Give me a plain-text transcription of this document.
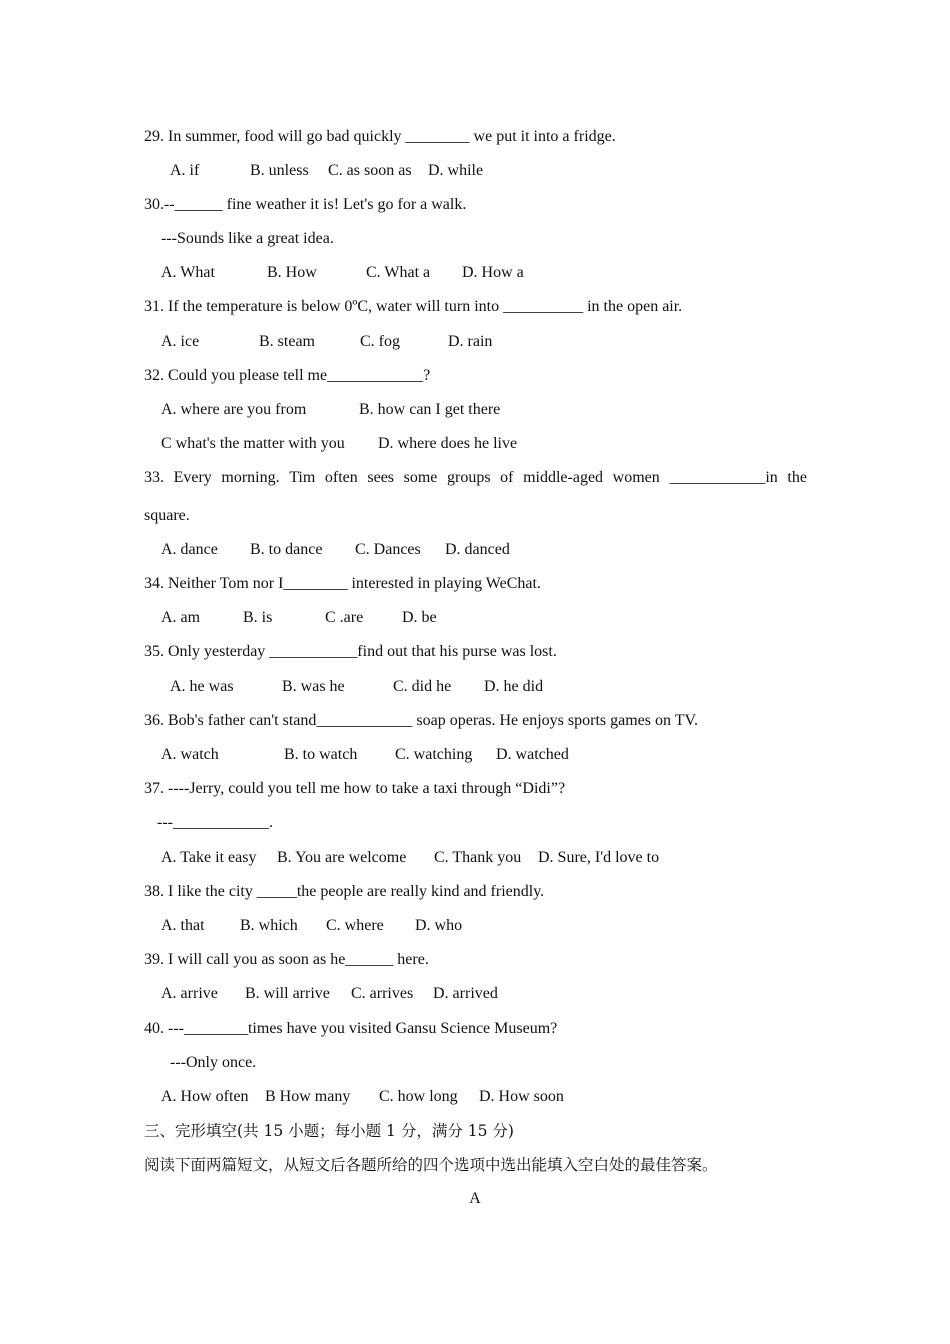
29. In summer, food will go bad quickly ________ we put it into a fridge.
A. if	B. unless C. as soon as D. while
30.--______ fine weather it is! Let's go for a walk.
---Sounds like a great idea.
A. What	B. How	C. What a D. How a
31. If the temperature is below 0ºC, water will turn into __________ in the open air.
A. ice	B. steam	C. fog	D. rain
32. Could you please tell me____________?
A. where are you from	B. how can I get there
C what's the matter with you D. where does he live
33. Every morning. Tim often sees some groups of middle-aged women ____________in the
square.
A. dance B. to dance C. Dances D. danced
34. Neither Tom nor I________ interested in playing WeChat.
A. am	B. is	C .are D. be
35. Only yesterday ___________find out that his purse was lost.
A. he was	B. was he	C. did he D. he did
36. Bob's father can't stand____________ soap operas. He enjoys sports games on TV.
A. watch	B. to watch C. watching D. watched
37. ----Jerry, could you tell me how to take a taxi through “Didi”?
---____________.
A. Take it easy B. You are welcome C. Thank you D. Sure, I'd love to
38. I like the city _____the people are really kind and friendly.
A. that B. which C. where D. who
39. I will call you as soon as he______ here.
A. arrive B. will arrive C. arrives D. arrived
40. ---________times have you visited Gansu Science Museum?
---Only once.
A. How often B How many C. how long D. How soon
三、完形填空(共 15 小题；每小题 1 分，满分 15 分)
阅读下面两篇短文，从短文后各题所给的四个选项中选出能填入空白处的最佳答案。
A
